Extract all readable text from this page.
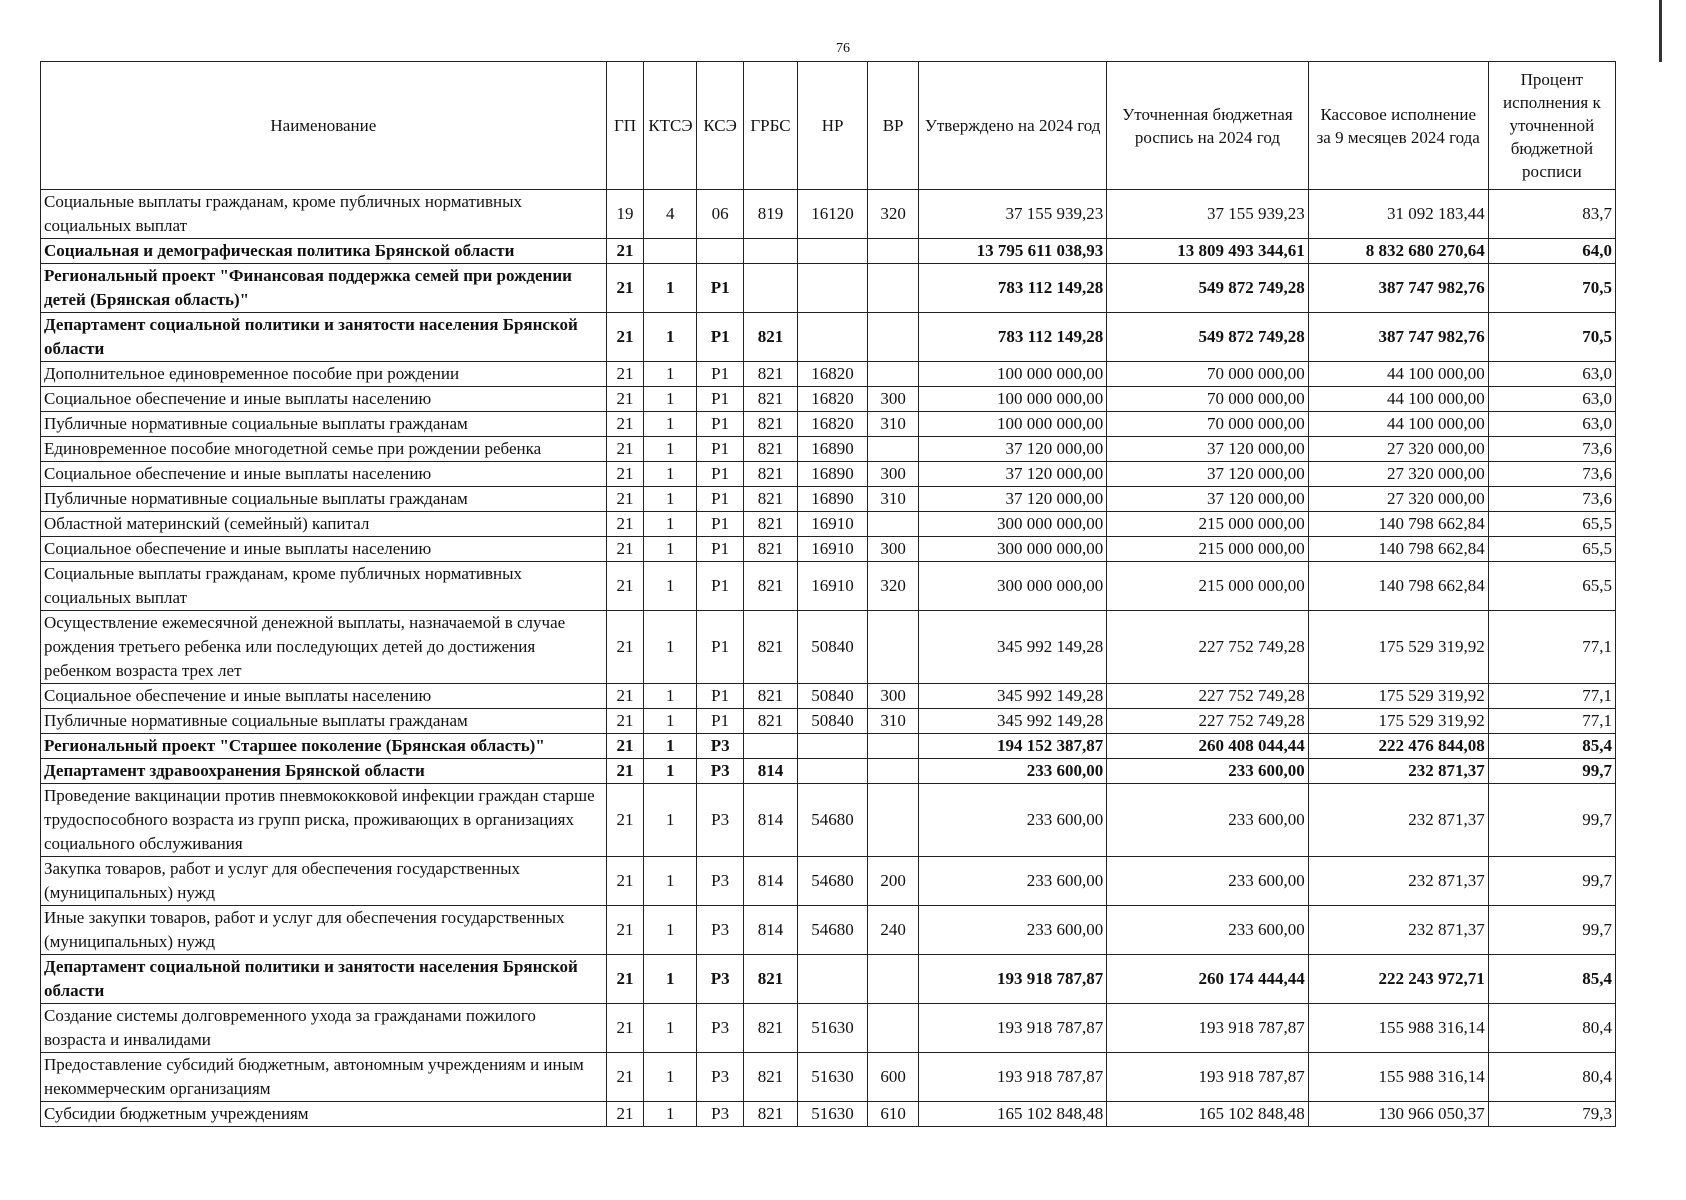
76
Наименование	ГП	КТСЭ	КСЭ	ГРБС	НР	ВР	Утверждено на 2024 год	Уточненная бюджетная роспись на 2024 год	Кассовое исполнение за 9 месяцев 2024 года	Процент исполнения к уточненной бюджетной росписи
Социальные выплаты гражданам, кроме публичных нормативных социальных выплат	19	4	06	819	16120	320	37 155 939,23	37 155 939,23	31 092 183,44	83,7
Социальная и демографическая политика Брянской области	21						13 795 611 038,93	13 809 493 344,61	8 832 680 270,64	64,0
Региональный проект "Финансовая поддержка семей при рождении детей (Брянская область)"	21	1	P1				783 112 149,28	549 872 749,28	387 747 982,76	70,5
Департамент социальной политики и занятости населения Брянской области	21	1	P1	821			783 112 149,28	549 872 749,28	387 747 982,76	70,5
Дополнительное единовременное пособие при рождении	21	1	P1	821	16820		100 000 000,00	70 000 000,00	44 100 000,00	63,0
Социальное обеспечение и иные выплаты населению	21	1	P1	821	16820	300	100 000 000,00	70 000 000,00	44 100 000,00	63,0
Публичные нормативные социальные выплаты гражданам	21	1	P1	821	16820	310	100 000 000,00	70 000 000,00	44 100 000,00	63,0
Единовременное пособие многодетной семье при рождении ребенка	21	1	P1	821	16890		37 120 000,00	37 120 000,00	27 320 000,00	73,6
Социальное обеспечение и иные выплаты населению	21	1	P1	821	16890	300	37 120 000,00	37 120 000,00	27 320 000,00	73,6
Публичные нормативные социальные выплаты гражданам	21	1	P1	821	16890	310	37 120 000,00	37 120 000,00	27 320 000,00	73,6
Областной материнский (семейный) капитал	21	1	P1	821	16910		300 000 000,00	215 000 000,00	140 798 662,84	65,5
Социальное обеспечение и иные выплаты населению	21	1	P1	821	16910	300	300 000 000,00	215 000 000,00	140 798 662,84	65,5
Социальные выплаты гражданам, кроме публичных нормативных социальных выплат	21	1	P1	821	16910	320	300 000 000,00	215 000 000,00	140 798 662,84	65,5
Осуществление ежемесячной денежной выплаты, назначаемой в случае рождения третьего ребенка или последующих детей до достижения ребенком возраста трех лет	21	1	P1	821	50840		345 992 149,28	227 752 749,28	175 529 319,92	77,1
Социальное обеспечение и иные выплаты населению	21	1	P1	821	50840	300	345 992 149,28	227 752 749,28	175 529 319,92	77,1
Публичные нормативные социальные выплаты гражданам	21	1	P1	821	50840	310	345 992 149,28	227 752 749,28	175 529 319,92	77,1
Региональный проект "Старшее поколение (Брянская область)"	21	1	P3				194 152 387,87	260 408 044,44	222 476 844,08	85,4
Департамент здравоохранения Брянской области	21	1	P3	814			233 600,00	233 600,00	232 871,37	99,7
Проведение вакцинации против пневмококковой инфекции граждан старше трудоспособного возраста из групп риска, проживающих в организациях социального обслуживания	21	1	P3	814	54680		233 600,00	233 600,00	232 871,37	99,7
Закупка товаров, работ и услуг для обеспечения государственных (муниципальных) нужд	21	1	P3	814	54680	200	233 600,00	233 600,00	232 871,37	99,7
Иные закупки товаров, работ и услуг для обеспечения государственных (муниципальных) нужд	21	1	P3	814	54680	240	233 600,00	233 600,00	232 871,37	99,7
Департамент социальной политики и занятости населения Брянской области	21	1	P3	821			193 918 787,87	260 174 444,44	222 243 972,71	85,4
Создание системы долговременного ухода за гражданами пожилого возраста и инвалидами	21	1	P3	821	51630		193 918 787,87	193 918 787,87	155 988 316,14	80,4
Предоставление субсидий бюджетным, автономным учреждениям и иным некоммерческим организациям	21	1	P3	821	51630	600	193 918 787,87	193 918 787,87	155 988 316,14	80,4
Субсидии бюджетным учреждениям	21	1	P3	821	51630	610	165 102 848,48	165 102 848,48	130 966 050,37	79,3
